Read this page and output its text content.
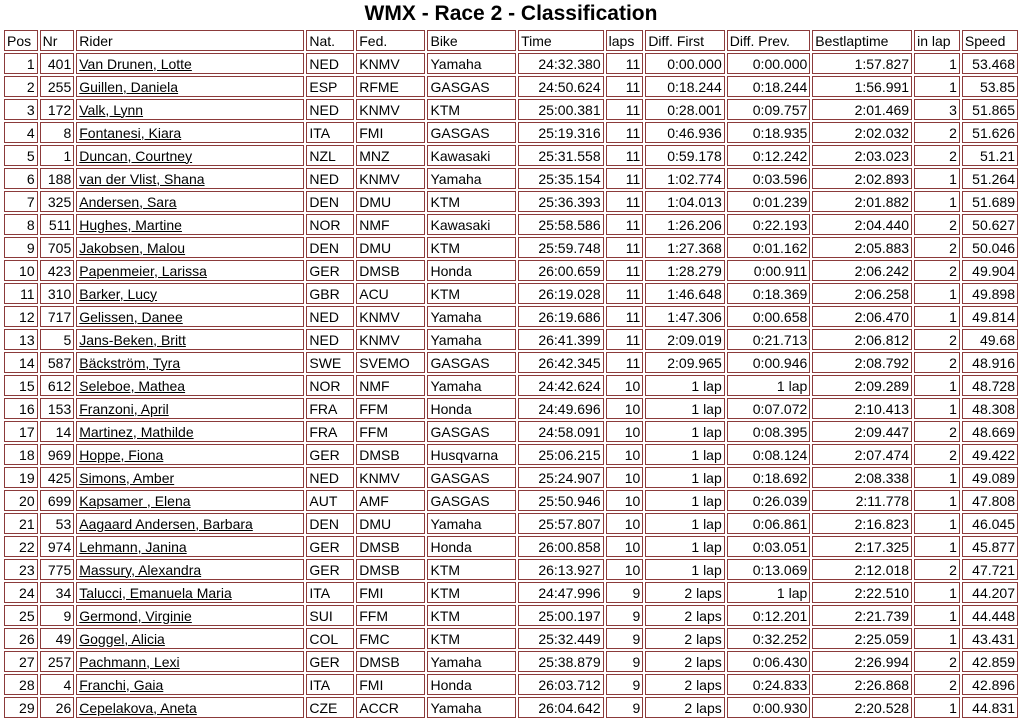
WMX - Race 2 - Classification
Pos	Nr	Rider	Nat.	Fed.	Bike	Time	laps	Diff. First	Diff. Prev.	Bestlaptime	in lap	Speed
1	401	Van Drunen, Lotte	NED	KNMV	Yamaha	24:32.380	11	0:00.000	0:00.000	1:57.827	1	53.468
2	255	Guillen, Daniela	ESP	RFME	GASGAS	24:50.624	11	0:18.244	0:18.244	1:56.991	1	53.85
3	172	Valk, Lynn	NED	KNMV	KTM	25:00.381	11	0:28.001	0:09.757	2:01.469	3	51.865
4	8	Fontanesi, Kiara	ITA	FMI	GASGAS	25:19.316	11	0:46.936	0:18.935	2:02.032	2	51.626
5	1	Duncan, Courtney	NZL	MNZ	Kawasaki	25:31.558	11	0:59.178	0:12.242	2:03.023	2	51.21
6	188	van der Vlist, Shana	NED	KNMV	Yamaha	25:35.154	11	1:02.774	0:03.596	2:02.893	1	51.264
7	325	Andersen, Sara	DEN	DMU	KTM	25:36.393	11	1:04.013	0:01.239	2:01.882	1	51.689
8	511	Hughes, Martine	NOR	NMF	Kawasaki	25:58.586	11	1:26.206	0:22.193	2:04.440	2	50.627
9	705	Jakobsen, Malou	DEN	DMU	KTM	25:59.748	11	1:27.368	0:01.162	2:05.883	2	50.046
10	423	Papenmeier, Larissa	GER	DMSB	Honda	26:00.659	11	1:28.279	0:00.911	2:06.242	2	49.904
11	310	Barker, Lucy	GBR	ACU	KTM	26:19.028	11	1:46.648	0:18.369	2:06.258	1	49.898
12	717	Gelissen, Danee	NED	KNMV	Yamaha	26:19.686	11	1:47.306	0:00.658	2:06.470	1	49.814
13	5	Jans-Beken, Britt	NED	KNMV	Yamaha	26:41.399	11	2:09.019	0:21.713	2:06.812	2	49.68
14	587	Bäckström, Tyra	SWE	SVEMO	GASGAS	26:42.345	11	2:09.965	0:00.946	2:08.792	2	48.916
15	612	Seleboe, Mathea	NOR	NMF	Yamaha	24:42.624	10	1 lap	1 lap	2:09.289	1	48.728
16	153	Franzoni, April	FRA	FFM	Honda	24:49.696	10	1 lap	0:07.072	2:10.413	1	48.308
17	14	Martinez, Mathilde	FRA	FFM	GASGAS	24:58.091	10	1 lap	0:08.395	2:09.447	2	48.669
18	969	Hoppe, Fiona	GER	DMSB	Husqvarna	25:06.215	10	1 lap	0:08.124	2:07.474	2	49.422
19	425	Simons, Amber	NED	KNMV	GASGAS	25:24.907	10	1 lap	0:18.692	2:08.338	1	49.089
20	699	Kapsamer , Elena	AUT	AMF	GASGAS	25:50.946	10	1 lap	0:26.039	2:11.778	1	47.808
21	53	Aagaard Andersen, Barbara	DEN	DMU	Yamaha	25:57.807	10	1 lap	0:06.861	2:16.823	1	46.045
22	974	Lehmann, Janina	GER	DMSB	Honda	26:00.858	10	1 lap	0:03.051	2:17.325	1	45.877
23	775	Massury, Alexandra	GER	DMSB	KTM	26:13.927	10	1 lap	0:13.069	2:12.018	2	47.721
24	34	Talucci, Emanuela Maria	ITA	FMI	KTM	24:47.996	9	2 laps	1 lap	2:22.510	1	44.207
25	9	Germond, Virginie	SUI	FFM	KTM	25:00.197	9	2 laps	0:12.201	2:21.739	1	44.448
26	49	Goggel, Alicia	COL	FMC	KTM	25:32.449	9	2 laps	0:32.252	2:25.059	1	43.431
27	257	Pachmann, Lexi	GER	DMSB	Yamaha	25:38.879	9	2 laps	0:06.430	2:26.994	2	42.859
28	4	Franchi, Gaia	ITA	FMI	Honda	26:03.712	9	2 laps	0:24.833	2:26.868	2	42.896
29	26	Cepelakova, Aneta	CZE	ACCR	Yamaha	26:04.642	9	2 laps	0:00.930	2:20.528	1	44.831
